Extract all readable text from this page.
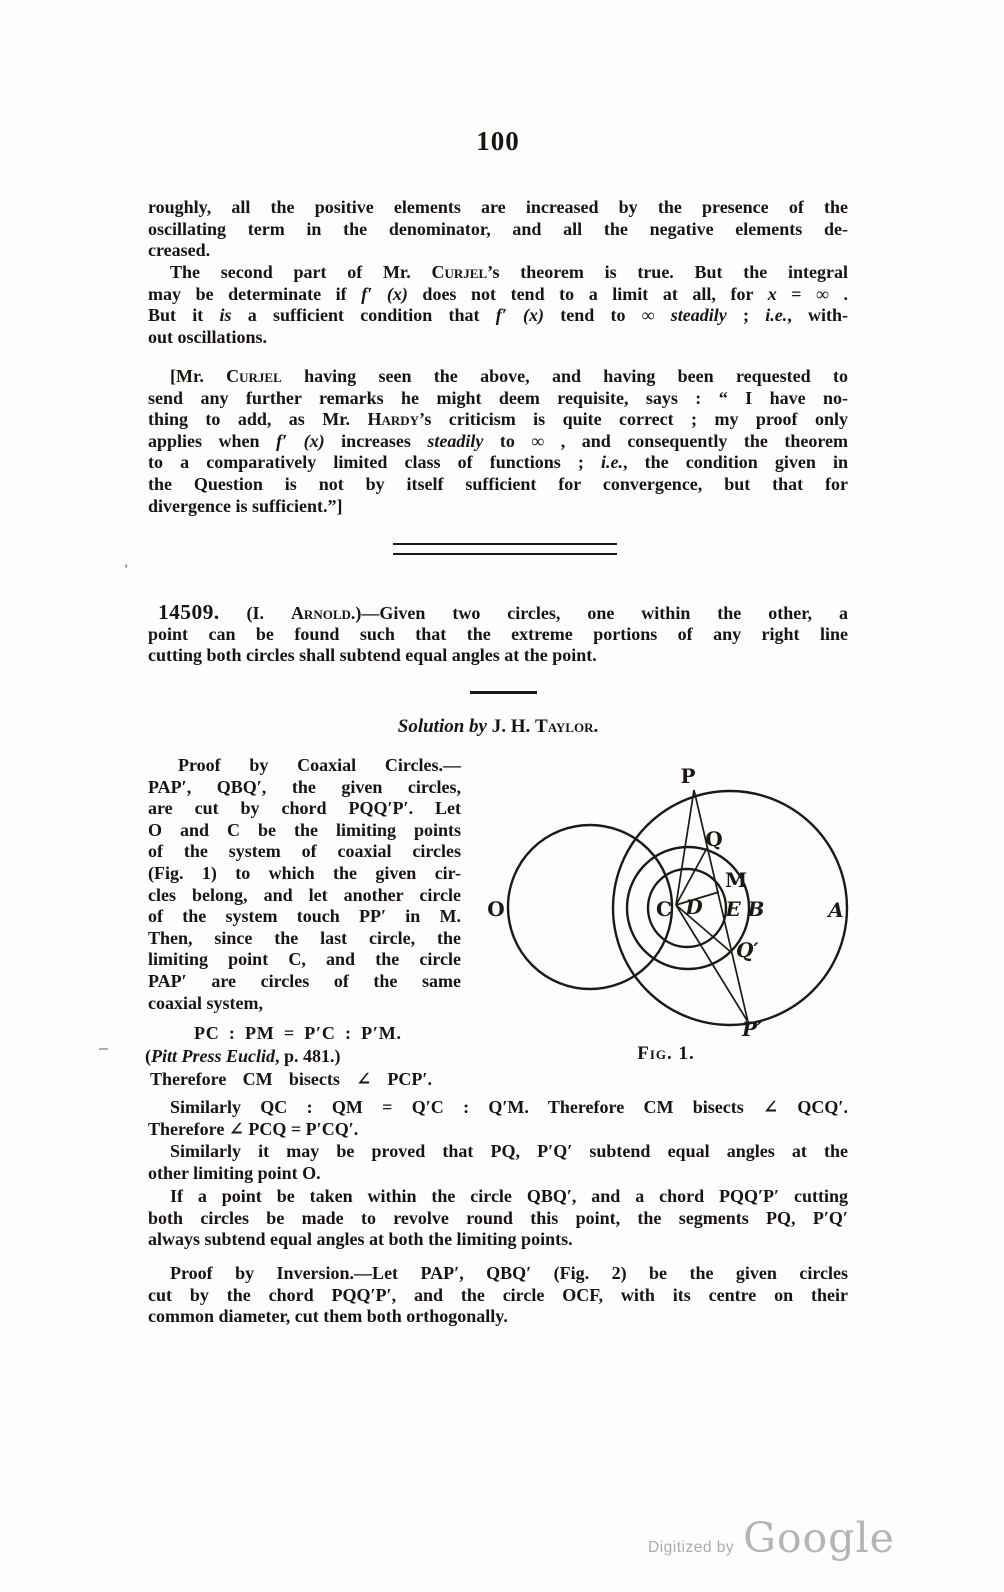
100
roughly, all the positive elements are increased by the presence of the
oscillating term in the denominator, and all the negative elements de-
creased.
The second part of Mr. Curjel’s theorem is true. But the integral
may be determinate if f′ (x) does not tend to a limit at all, for x = ∞ .
But it is a sufficient condition that f′ (x) tend to ∞ steadily ; i.e., with-
out oscillations.
[Mr. Curjel having seen the above, and having been requested to
send any further remarks he might deem requisite, says : “ I have no-
thing to add, as Mr. Hardy’s criticism is quite correct ; my proof only
applies when f′ (x) increases steadily to ∞ , and consequently the theorem
to a comparatively limited class of functions ; i.e., the condition given in
the Question is not by itself sufficient for convergence, but that for
divergence is sufficient.”]
‘
14509. (I. Arnold.)—Given two circles, one within the other, a
point can be found such that the extreme portions of any right line
cutting both circles shall subtend equal angles at the point.
Solution by J. H. Taylor.
Proof by Coaxial Circles.—
PAP′, QBQ′, the given circles,
are cut by chord PQQ′P′. Let
O and C be the limiting points
of the system of coaxial circles
(Fig. 1) to which the given cir-
cles belong, and let another circle
of the system touch PP′ in M.
Then, since the last circle, the
limiting point C, and the circle
PAP′ are circles of the same
coaxial system,
PC : PM = P′C : P′M.
(Pitt Press Euclid, p. 481.)
Therefore CM bisects ∠ PCP′.
Similarly QC : QM = Q′C : Q′M. Therefore CM bisects ∠ QCQ′.
Therefore ∠ PCQ = P′CQ′.
Similarly it may be proved that PQ, P′Q′ subtend equal angles at the
other limiting point O.
If a point be taken within the circle QBQ′, and a chord PQQ′P′ cutting
both circles be made to revolve round this point, the segments PQ, P′Q′
always subtend equal angles at both the limiting points.
Proof by Inversion.—Let PAP′, QBQ′ (Fig. 2) be the given circles
cut by the chord PQQ′P′, and the circle OCF, with its centre on their
common diameter, cut them both orthogonally.
P
Q
M
C D E B	A
O
Q′
P′
Fig. 1.
Digitized by Google
